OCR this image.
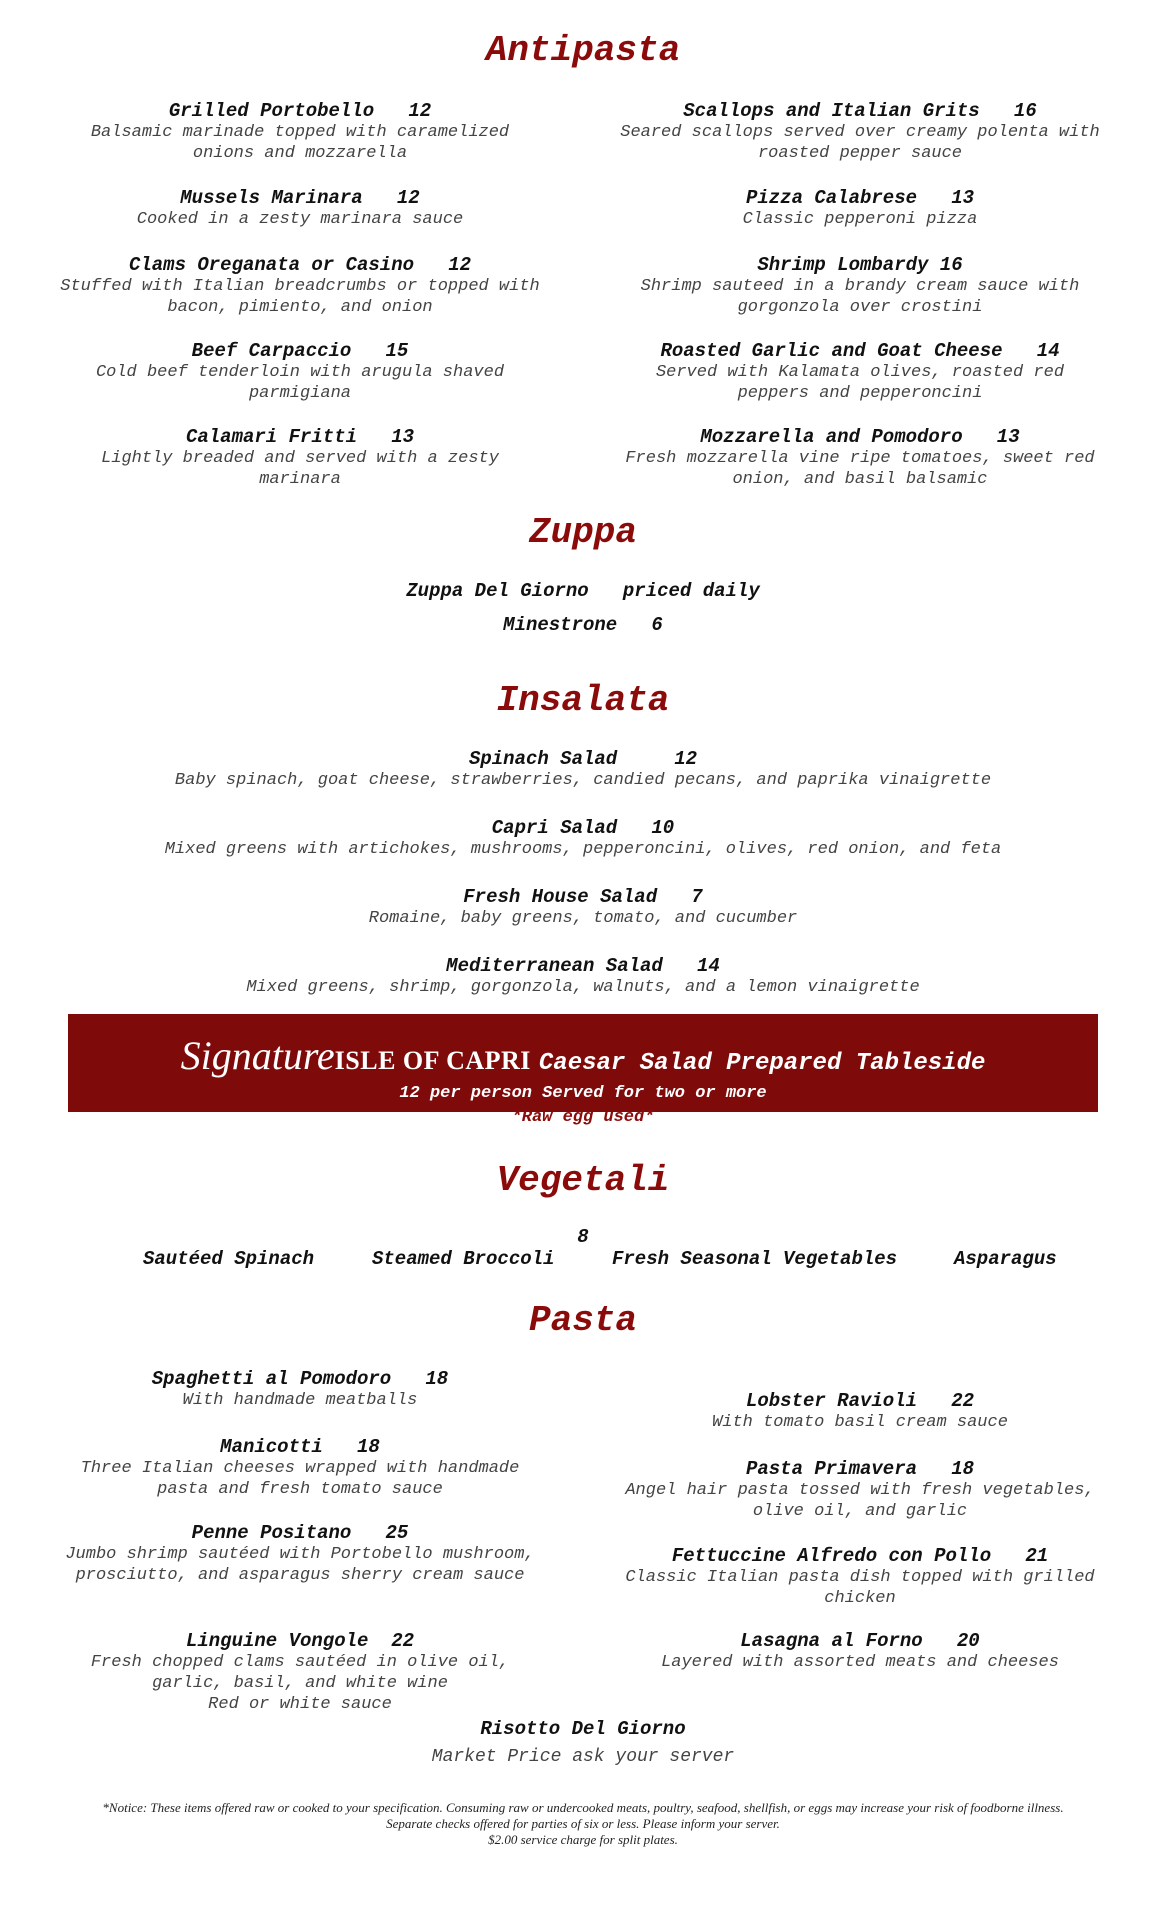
Antipasta
Grilled Portobello   12
Balsamic marinade topped with caramelized onions and mozzarella
Mussels Marinara   12
Cooked in a zesty marinara sauce
Clams Oreganata or Casino   12
Stuffed with Italian breadcrumbs or topped with bacon, pimiento, and onion
Beef Carpaccio   15
Cold beef tenderloin with arugula shaved parmigiana
Calamari Fritti   13
Lightly breaded and served with a zesty marinara
Scallops and Italian Grits   16
Seared scallops served over creamy polenta with roasted pepper sauce
Pizza Calabrese   13
Classic pepperoni pizza
Shrimp Lombardy 16
Shrimp sauteed in a brandy cream sauce with gorgonzola over crostini
Roasted Garlic and Goat Cheese   14
Served with Kalamata olives, roasted red peppers and pepperoncini
Mozzarella and Pomodoro   13
Fresh mozzarella vine ripe tomatoes, sweet red onion, and basil balsamic
Zuppa
Zuppa Del Giorno   priced daily
Minestrone   6
Insalata
Spinach Salad     12
Baby spinach, goat cheese, strawberries, candied pecans, and paprika vinaigrette
Capri Salad   10
Mixed greens with artichokes, mushrooms, pepperoncini, olives, red onion, and feta
Fresh House Salad   7
Romaine, baby greens, tomato, and cucumber
Mediterranean Salad   14
Mixed greens, shrimp, gorgonzola, walnuts, and a lemon vinaigrette
SignatureISLE OF CAPRI Caesar Salad Prepared Tableside
12 per person Served for two or more
*Raw egg used*
Vegetali
8
Sautéed Spinach	Steamed Broccoli	Fresh Seasonal Vegetables	Asparagus
Pasta
Spaghetti al Pomodoro   18
With handmade meatballs
Manicotti   18
Three Italian cheeses wrapped with handmade pasta and fresh tomato sauce
Penne Positano   25
Jumbo shrimp sautéed with Portobello mushroom, prosciutto, and asparagus sherry cream sauce
Linguine Vongole  22
Fresh chopped clams sautéed in olive oil, garlic, basil, and white wine
Red or white sauce
Lobster Ravioli   22
With tomato basil cream sauce
Pasta Primavera   18
Angel hair pasta tossed with fresh vegetables, olive oil, and garlic
Fettuccine Alfredo con Pollo   21
Classic Italian pasta dish topped with grilled chicken
Lasagna al Forno   20
Layered with assorted meats and cheeses
Risotto Del Giorno
Market Price ask your server
*Notice: These items offered raw or cooked to your specification. Consuming raw or undercooked meats, poultry, seafood, shellfish, or eggs may increase your risk of foodborne illness.
Separate checks offered for parties of six or less. Please inform your server.
$2.00 service charge for split plates.
